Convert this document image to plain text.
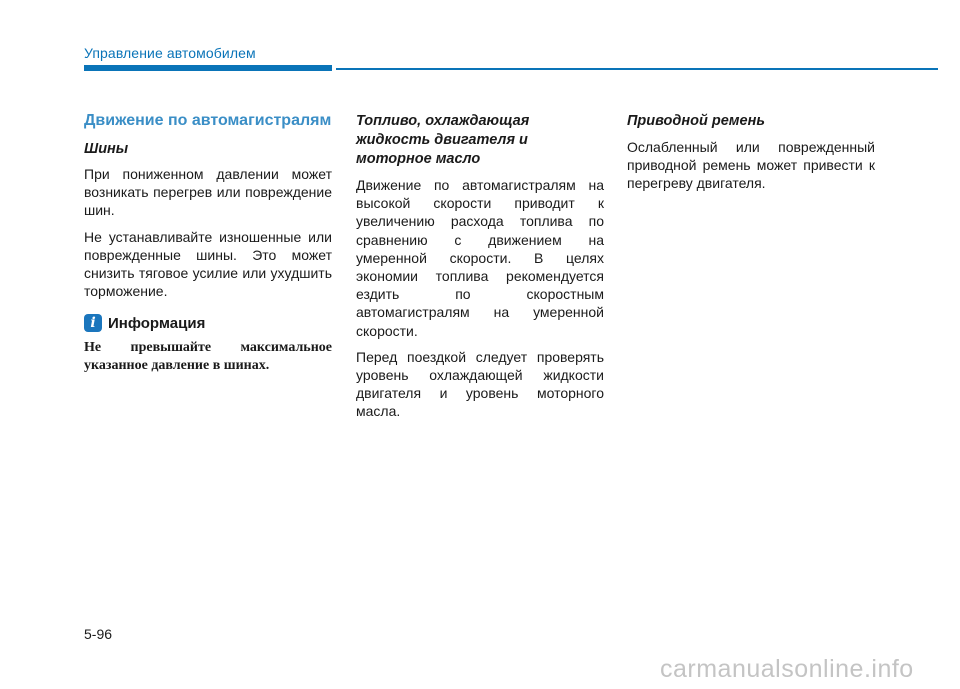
Управление автомобилем
Движение по автомагистралям
Шины

При пониженном давлении может возникать перегрев или повреждение шин.

Не устанавливайте изношенные или поврежденные шины. Это может снизить тяговое усилие или ухудшить торможение.

i Информация

Не превышайте максимальное указанное давление в шинах.

Топливо, охлаждающая жидкость двигателя и моторное масло

Движение по автомагистралям на высокой скорости приводит к увеличению расхода топлива по сравнению с движением на умеренной скорости. В целях экономии топлива рекомендуется ездить по скоростным автомагистралям на умеренной скорости.

Перед поездкой следует проверять уровень охлаждающей жидкости двигателя и уровень моторного масла.

Приводной ремень

Ослабленный или поврежденный приводной ремень может привести к перегреву двигателя.

5-96
carmanualsonline.info
